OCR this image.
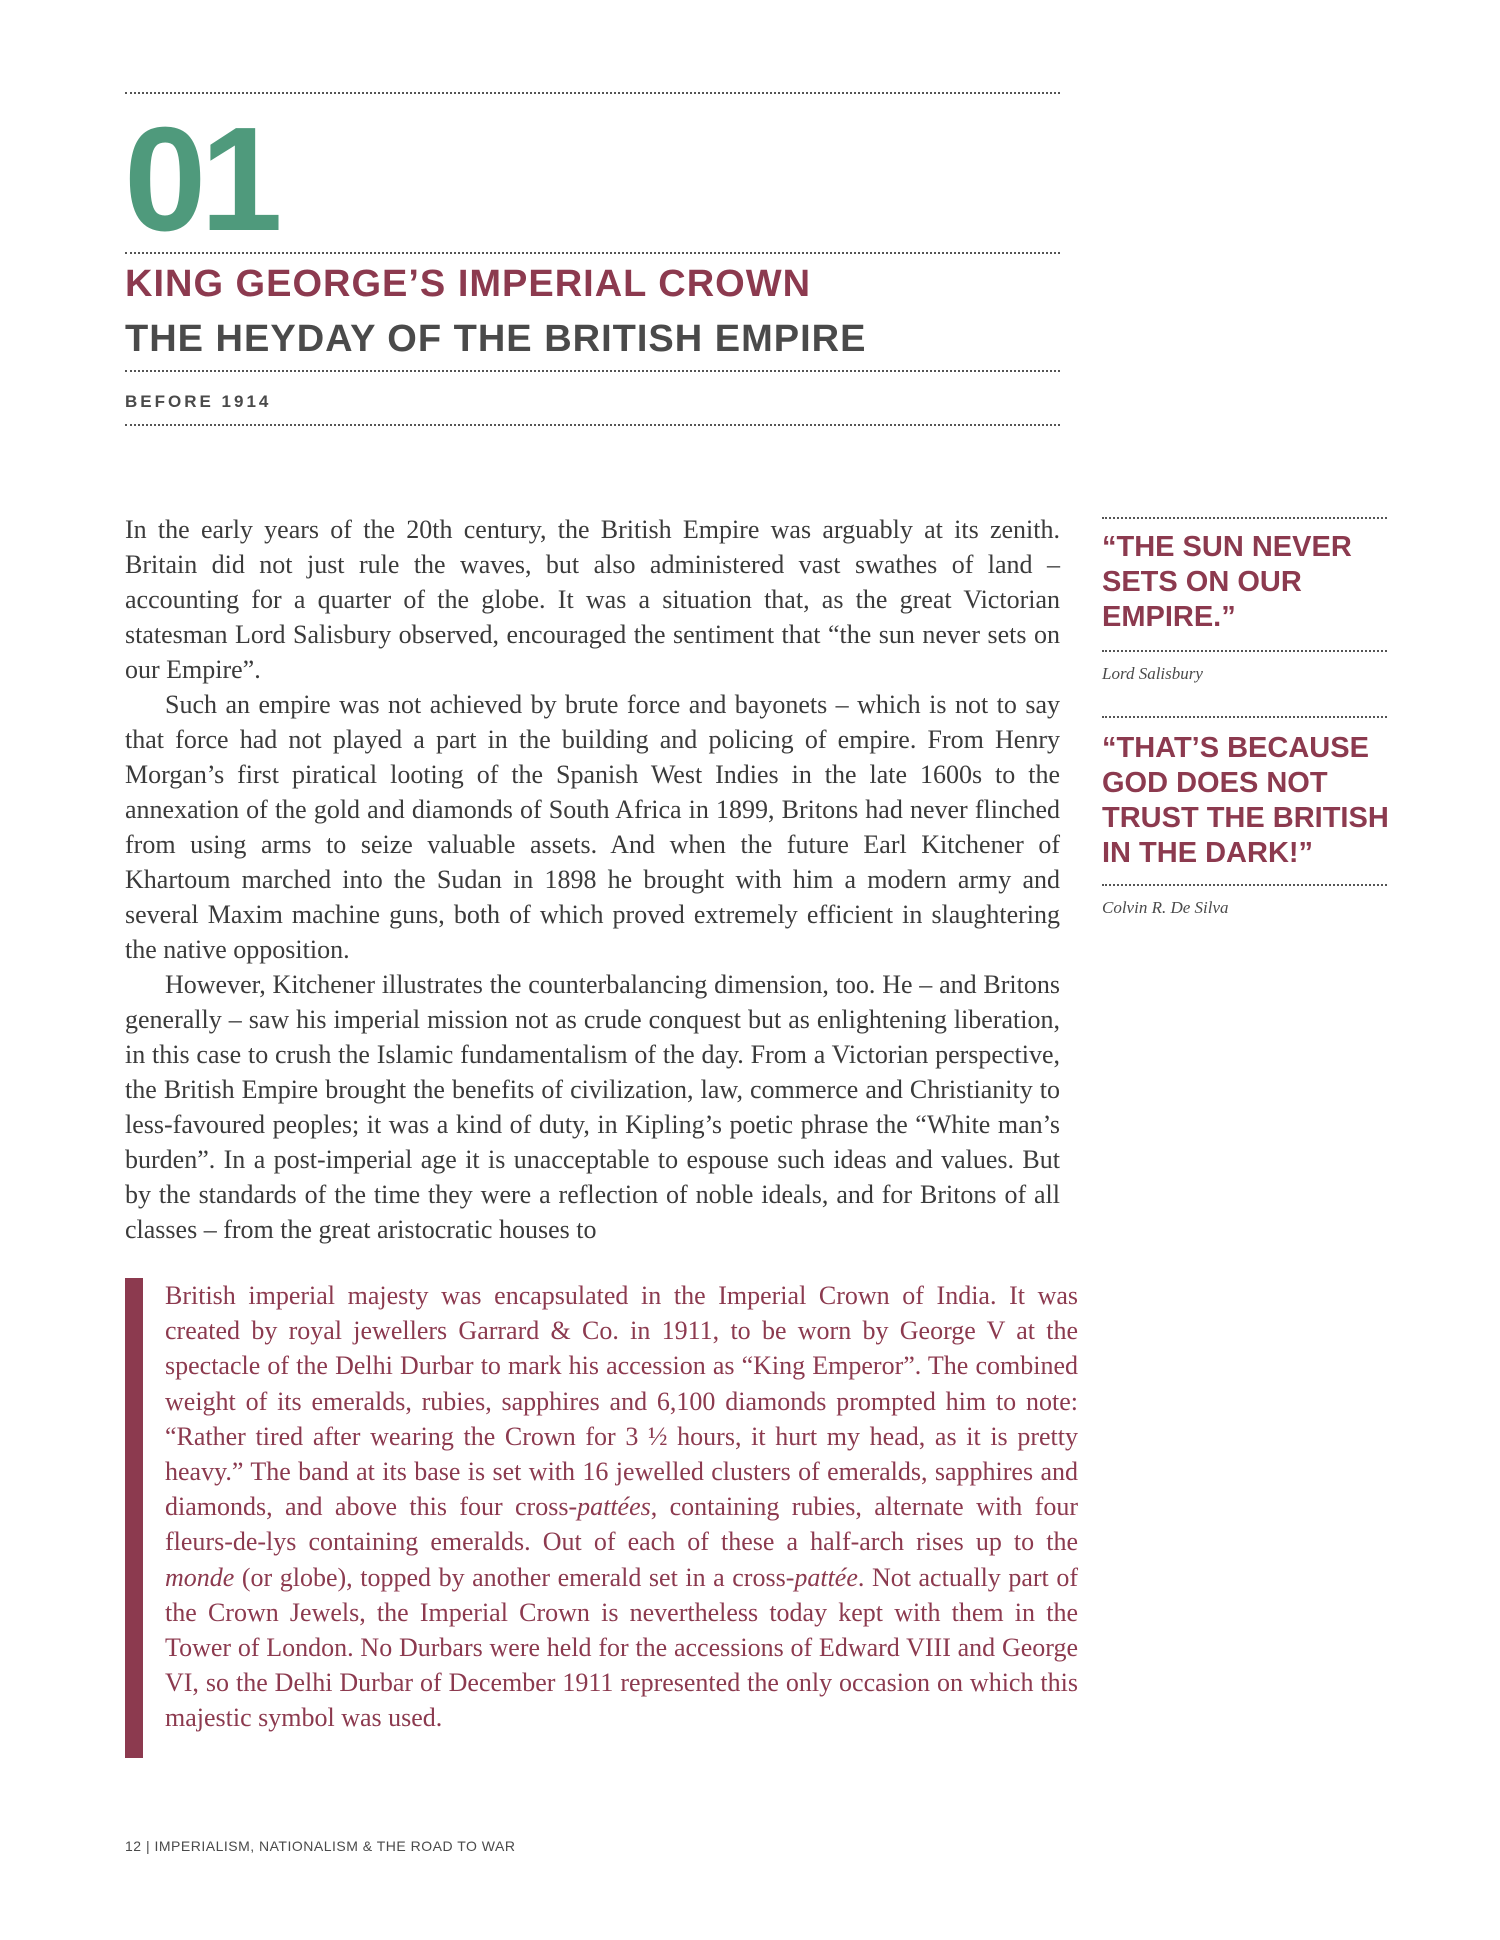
01
KING GEORGE’S IMPERIAL CROWN
THE HEYDAY OF THE BRITISH EMPIRE
BEFORE 1914

In the early years of the 20th century, the British Empire was arguably at its zenith. Britain did not just rule the waves, but also administered vast swathes of land – accounting for a quarter of the globe. It was a situation that, as the great Victorian statesman Lord Salisbury observed, encouraged the sentiment that “the sun never sets on our Empire”.

Such an empire was not achieved by brute force and bayonets – which is not to say that force had not played a part in the building and policing of empire. From Henry Morgan’s first piratical looting of the Spanish West Indies in the late 1600s to the annexation of the gold and diamonds of South Africa in 1899, Britons had never flinched from using arms to seize valuable assets. And when the future Earl Kitchener of Khartoum marched into the Sudan in 1898 he brought with him a modern army and several Maxim machine guns, both of which proved extremely efficient in slaughtering the native opposition.

However, Kitchener illustrates the counterbalancing dimension, too. He – and Britons generally – saw his imperial mission not as crude conquest but as enlightening liberation, in this case to crush the Islamic fundamentalism of the day. From a Victorian perspective, the British Empire brought the benefits of civilization, law, commerce and Christianity to less-favoured peoples; it was a kind of duty, in Kipling’s poetic phrase the “White man’s burden”. In a post-imperial age it is unacceptable to espouse such ideas and values. But by the standards of the time they were a reflection of noble ideals, and for Britons of all classes – from the great aristocratic houses to

British imperial majesty was encapsulated in the Imperial Crown of India. It was created by royal jewellers Garrard & Co. in 1911, to be worn by George V at the spectacle of the Delhi Durbar to mark his accession as “King Emperor”. The combined weight of its emeralds, rubies, sapphires and 6,100 diamonds prompted him to note: “Rather tired after wearing the Crown for 3 ½ hours, it hurt my head, as it is pretty heavy.” The band at its base is set with 16 jewelled clusters of emeralds, sapphires and diamonds, and above this four cross-pattées, containing rubies, alternate with four fleurs-de-lys containing emeralds. Out of each of these a half-arch rises up to the monde (or globe), topped by another emerald set in a cross-pattée. Not actually part of the Crown Jewels, the Imperial Crown is nevertheless today kept with them in the Tower of London. No Durbars were held for the accessions of Edward VIII and George VI, so the Delhi Durbar of December 1911 represented the only occasion on which this majestic symbol was used.

“THE SUN NEVER SETS ON OUR EMPIRE.”
Lord Salisbury
“THAT’S BECAUSE GOD DOES NOT TRUST THE BRITISH IN THE DARK!”
Colvin R. De Silva
12 | IMPERIALISM, NATIONALISM & THE ROAD TO WAR
